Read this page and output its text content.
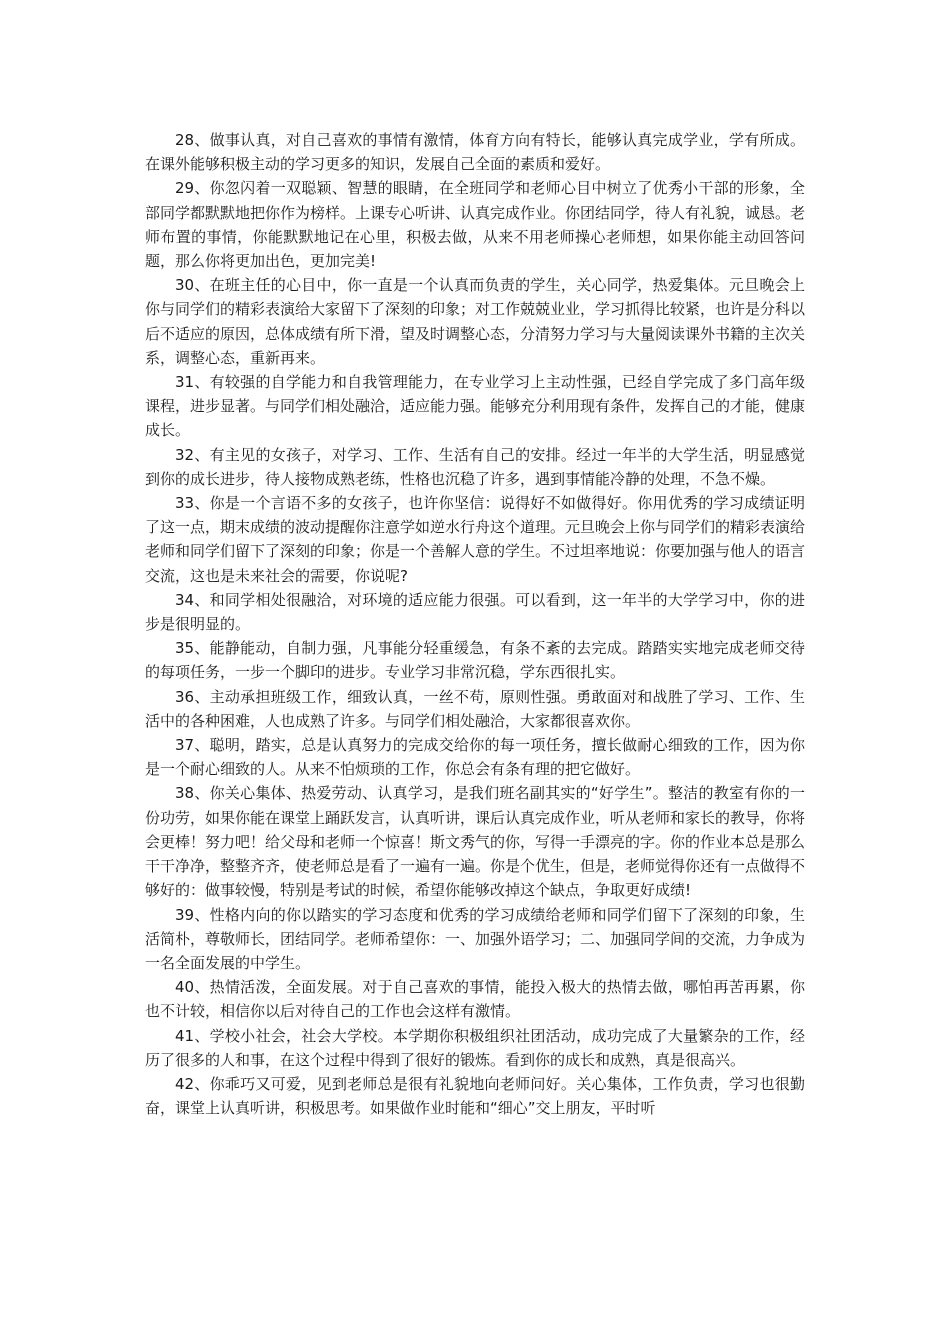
28、做事认真，对自己喜欢的事情有激情，体育方向有特长，能够认真完成学业，学有所成。在课外能够积极主动的学习更多的知识，发展自己全面的素质和爱好。

29、你忽闪着一双聪颖、智慧的眼睛，在全班同学和老师心目中树立了优秀小干部的形象，全部同学都默默地把你作为榜样。上课专心听讲、认真完成作业。你团结同学，待人有礼貌，诚恳。老师布置的事情，你能默默地记在心里，积极去做，从来不用老师操心老师想，如果你能主动回答问题，那么你将更加出色，更加完美!

30、在班主任的心目中，你一直是一个认真而负责的学生，关心同学，热爱集体。元旦晚会上你与同学们的精彩表演给大家留下了深刻的印象；对工作兢兢业业，学习抓得比较紧，也许是分科以后不适应的原因，总体成绩有所下滑，望及时调整心态，分清努力学习与大量阅读课外书籍的主次关系，调整心态，重新再来。

31、有较强的自学能力和自我管理能力，在专业学习上主动性强，已经自学完成了多门高年级课程，进步显著。与同学们相处融洽，适应能力强。能够充分利用现有条件，发挥自己的才能，健康成长。

32、有主见的女孩子，对学习、工作、生活有自己的安排。经过一年半的大学生活，明显感觉到你的成长进步，待人接物成熟老练，性格也沉稳了许多，遇到事情能冷静的处理，不急不燥。

33、你是一个言语不多的女孩子，也许你坚信：说得好不如做得好。你用优秀的学习成绩证明了这一点，期末成绩的波动提醒你注意学如逆水行舟这个道理。元旦晚会上你与同学们的精彩表演给老师和同学们留下了深刻的印象；你是一个善解人意的学生。不过坦率地说：你要加强与他人的语言交流，这也是未来社会的需要，你说呢?

34、和同学相处很融洽，对环境的适应能力很强。可以看到，这一年半的大学学习中，你的进步是很明显的。

35、能静能动，自制力强，凡事能分轻重缓急，有条不紊的去完成。踏踏实实地完成老师交待的每项任务，一步一个脚印的进步。专业学习非常沉稳，学东西很扎实。

36、主动承担班级工作，细致认真，一丝不苟，原则性强。勇敢面对和战胜了学习、工作、生活中的各种困难，人也成熟了许多。与同学们相处融洽，大家都很喜欢你。

37、聪明，踏实，总是认真努力的完成交给你的每一项任务，擅长做耐心细致的工作，因为你是一个耐心细致的人。从来不怕烦琐的工作，你总会有条有理的把它做好。

38、你关心集体、热爱劳动、认真学习，是我们班名副其实的“好学生”。整洁的教室有你的一份功劳，如果你能在课堂上踊跃发言，认真听讲，课后认真完成作业，听从老师和家长的教导，你将会更棒！努力吧！给父母和老师一个惊喜！斯文秀气的你，写得一手漂亮的字。你的作业本总是那么干干净净，整整齐齐，使老师总是看了一遍有一遍。你是个优生，但是，老师觉得你还有一点做得不够好的：做事较慢，特别是考试的时候，希望你能够改掉这个缺点，争取更好成绩!

39、性格内向的你以踏实的学习态度和优秀的学习成绩给老师和同学们留下了深刻的印象，生活简朴，尊敬师长，团结同学。老师希望你：一、加强外语学习；二、加强同学间的交流，力争成为一名全面发展的中学生。

40、热情活泼，全面发展。对于自己喜欢的事情，能投入极大的热情去做，哪怕再苦再累，你也不计较，相信你以后对待自己的工作也会这样有激情。

41、学校小社会，社会大学校。本学期你积极组织社团活动，成功完成了大量繁杂的工作，经历了很多的人和事，在这个过程中得到了很好的锻炼。看到你的成长和成熟，真是很高兴。

42、你乖巧又可爱，见到老师总是很有礼貌地向老师问好。关心集体，工作负责，学习也很勤奋，课堂上认真听讲，积极思考。如果做作业时能和“细心”交上朋友，平时听
